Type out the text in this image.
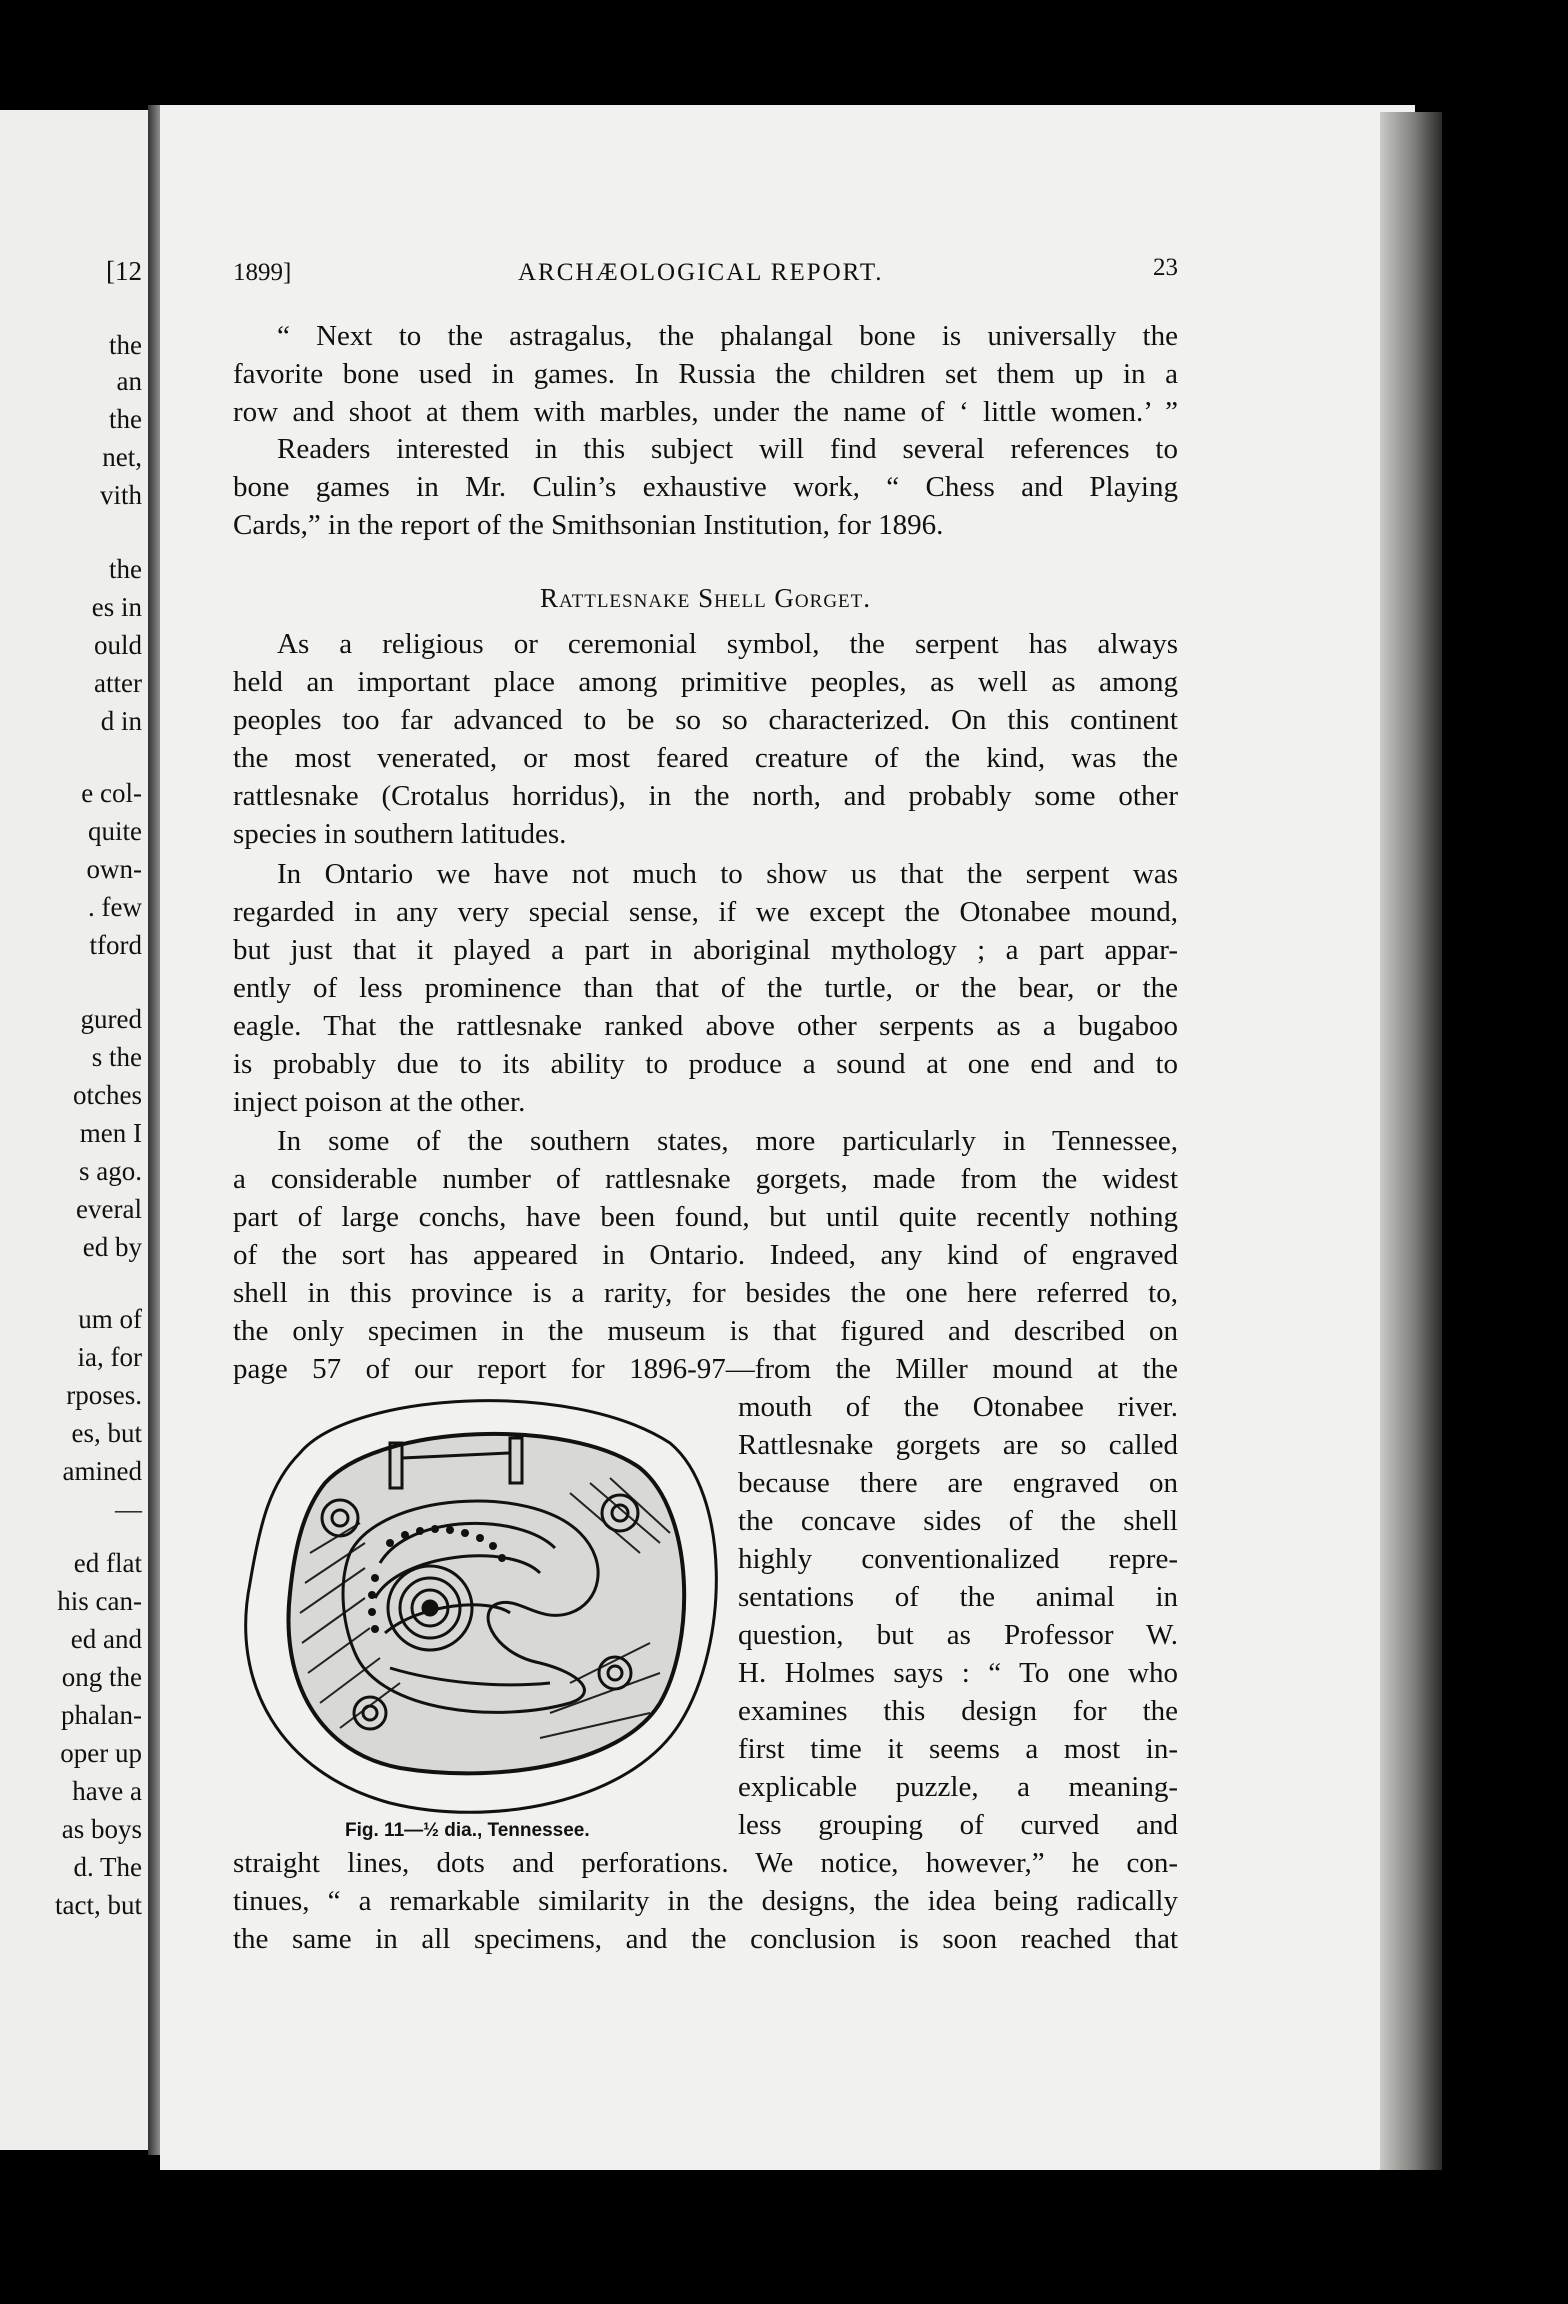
[12
the
an
the
net,
vith
the
es in
ould
atter
d in
e col-
quite
own-
. few
tford
gured
s the
otches
men I
s ago.
everal
ed by
um of
ia, for
rposes.
es, but
amined
—
ed flat
his can-
ed and
ong the
phalan-
oper up
have a
as boys
d. The
tact, but
1899]	ARCHÆOLOGICAL REPORT.	23
Rattlesnake Shell Gorget.
“ Next to the astragalus, the phalangal bone is universally the
favorite bone used in games. In Russia the children set them up in a
row and shoot at them with marbles, under the name of ‘ little women.’ ”
Readers interested in this subject will find several references to
bone games in Mr. Culin’s exhaustive work, “ Chess and Playing
Cards,” in the report of the Smithsonian Institution, for 1896.
As a religious or ceremonial symbol, the serpent has always
held an important place among primitive peoples, as well as among
peoples too far advanced to be so so characterized. On this continent
the most venerated, or most feared creature of the kind, was the
rattlesnake (Crotalus horridus), in the north, and probably some other
species in southern latitudes.
In Ontario we have not much to show us that the serpent was
regarded in any very special sense, if we except the Otonabee mound,
but just that it played a part in aboriginal mythology ; a part appar-
ently of less prominence than that of the turtle, or the bear, or the
eagle. That the rattlesnake ranked above other serpents as a bugaboo
is probably due to its ability to produce a sound at one end and to
inject poison at the other.
In some of the southern states, more particularly in Tennessee,
a considerable number of rattlesnake gorgets, made from the widest
part of large conchs, have been found, but until quite recently nothing
of the sort has appeared in Ontario. Indeed, any kind of engraved
shell in this province is a rarity, for besides the one here referred to,
the only specimen in the museum is that figured and described on
page 57 of our report for 1896-97—from the Miller mound at the
mouth of the Otonabee river.
Rattlesnake gorgets are so called
because there are engraved on
the concave sides of the shell
highly conventionalized repre-
sentations of the animal in
question, but as Professor W.
H. Holmes says : “ To one who
examines this design for the
first time it seems a most in-
explicable puzzle, a meaning-
less grouping of curved and
straight lines, dots and perforations. We notice, however,” he con-
tinues, “ a remarkable similarity in the designs, the idea being radically
the same in all specimens, and the conclusion is soon reached that
Fig. 11—½ dia., Tennessee.
